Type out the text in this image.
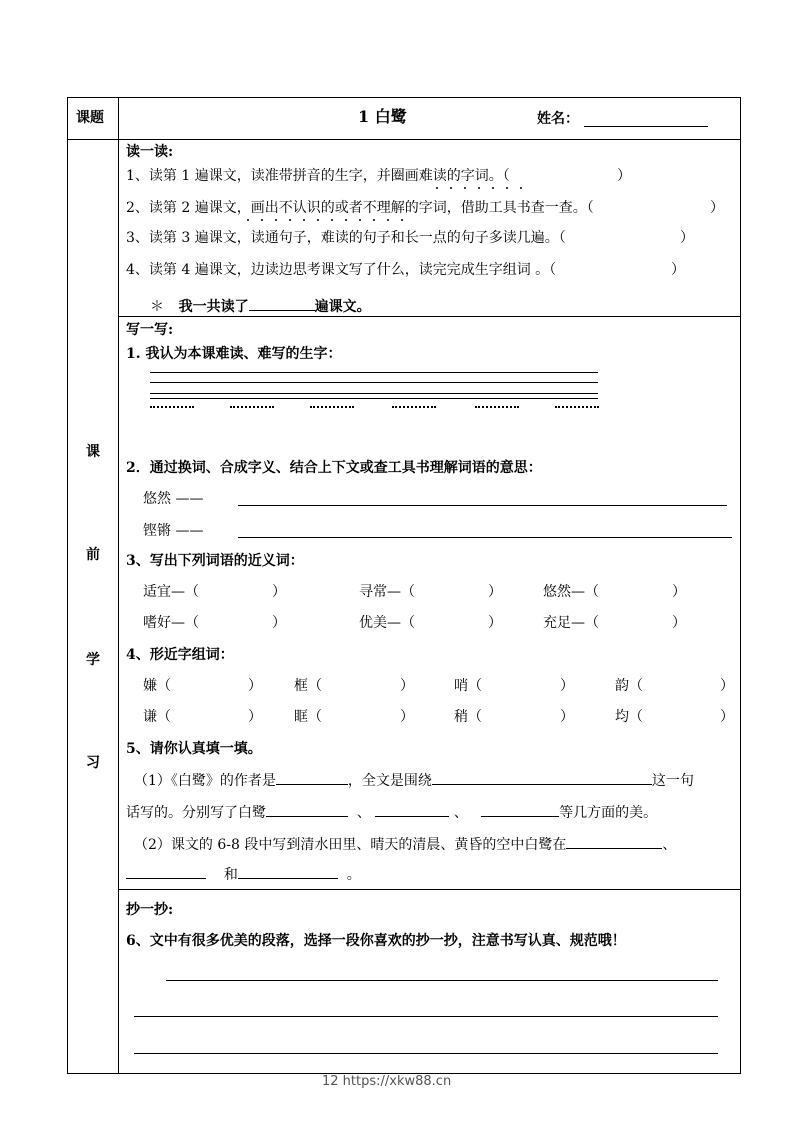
课题	1 白鹭	姓名：
课
前
学
习
读一读:
1、读第 1 遍课文，读准带拼音的生字，并圈画难读的字词。（	）
2、读第 2 遍课文，画出不认识的或者不理解的字词，借助工具书查一查。（	）
3、读第 3 遍课文，读通句子，难读的句子和长一点的句子多读几遍。（	）
4、读第 4 遍课文，边读边思考课文写了什么，读完完成生字组词 。（	）
＊ 我一共读了	遍课文。
写一写:
1. 我认为本课难读、难写的生字：
2．通过换词、合成字义、结合上下文或查工具书理解词语的意思：
悠然 ——
铿锵 ——
3、写出下列词语的近义词：
适宜—（	）	寻常—（	）	悠然—（	）
嗜好—（	）	优美—（	）	充足—（	）
4、形近字组词：
嫌（	） 框（	）	哨（	）	韵（	）
谦（	） 眶（	）	稍（	）	均（	）
5、请你认真填一填。
（1）《白鹭》的作者是	，全文是围绕	这一句
话写的。分别写了白鹭	、	、	等几方面的美。
（2）课文的 6-8 段中写到清水田里、晴天的清晨、黄昏的空中白鹭在	、
和	。
抄一抄:
6、文中有很多优美的段落，选择一段你喜欢的抄一抄，注意书写认真、规范哦！
12 https://xkw88.cn
